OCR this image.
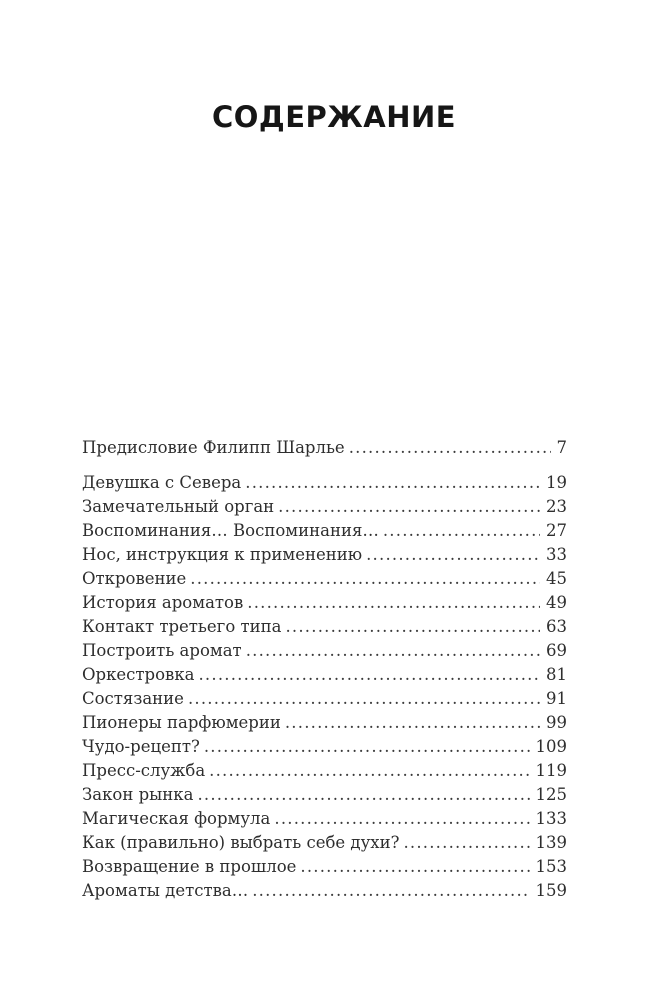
СОДЕРЖАНИЕ
Предисловие Филипп Шарлье .....	7
Девушка с Севера .....	19
Замечательный орган .....	23
Воспоминания… Воспоминания… .....	27
Нос, инструкция к применению .....	33
Откровение .....	45
История ароматов .....	49
Контакт третьего типа .....	63
Построить аромат .....	69
Оркестровка .....	81
Состязание .....	91
Пионеры парфюмерии .....	99
Чудо-рецепт? .....	109
Пресс-служба .....	119
Закон рынка .....	125
Магическая формула .....	133
Как (правильно) выбрать себе духи? .....	139
Возвращение в прошлое .....	153
Ароматы детства… .....	159
